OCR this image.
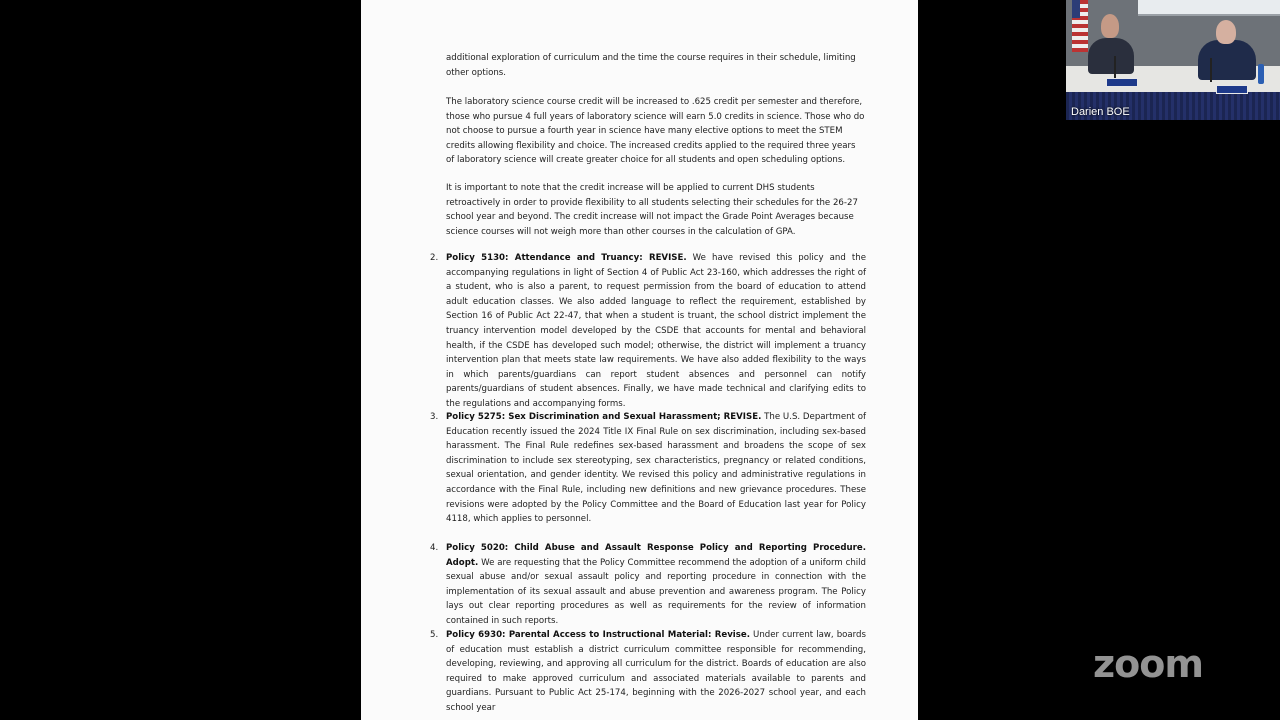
additional exploration of curriculum and the time the course requires in their schedule, limiting other options.

The laboratory science course credit will be increased to .625 credit per semester and therefore, those who pursue 4 full years of laboratory science will earn 5.0 credits in science. Those who do not choose to pursue a fourth year in science have many elective options to meet the STEM credits allowing flexibility and choice. The increased credits applied to the required three years of laboratory science will create greater choice for all students and open scheduling options.

It is important to note that the credit increase will be applied to current DHS students retroactively in order to provide flexibility to all students selecting their schedules for the 26-27 school year and beyond. The credit increase will not impact the Grade Point Averages because science courses will not weigh more than other courses in the calculation of GPA.

2. Policy 5130: Attendance and Truancy: REVISE. We have revised this policy and the accompanying regulations in light of Section 4 of Public Act 23-160, which addresses the right of a student, who is also a parent, to request permission from the board of education to attend adult education classes. We also added language to reflect the requirement, established by Section 16 of Public Act 22-47, that when a student is truant, the school district implement the truancy intervention model developed by the CSDE that accounts for mental and behavioral health, if the CSDE has developed such model; otherwise, the district will implement a truancy intervention plan that meets state law requirements. We have also added flexibility to the ways in which parents/guardians can report student absences and personnel can notify parents/guardians of student absences. Finally, we have made technical and clarifying edits to the regulations and accompanying forms.

3. Policy 5275: Sex Discrimination and Sexual Harassment; REVISE. The U.S. Department of Education recently issued the 2024 Title IX Final Rule on sex discrimination, including sex-based harassment. The Final Rule redefines sex-based harassment and broadens the scope of sex discrimination to include sex stereotyping, sex characteristics, pregnancy or related conditions, sexual orientation, and gender identity. We revised this policy and administrative regulations in accordance with the Final Rule, including new definitions and new grievance procedures. These revisions were adopted by the Policy Committee and the Board of Education last year for Policy 4118, which applies to personnel.

4. Policy 5020: Child Abuse and Assault Response Policy and Reporting Procedure. Adopt. We are requesting that the Policy Committee recommend the adoption of a uniform child sexual abuse and/or sexual assault policy and reporting procedure in connection with the implementation of its sexual assault and abuse prevention and awareness program. The Policy lays out clear reporting procedures as well as requirements for the review of information contained in such reports.

5. Policy 6930: Parental Access to Instructional Material: Revise. Under current law, boards of education must establish a district curriculum committee responsible for recommending, developing, reviewing, and approving all curriculum for the district. Boards of education are also required to make approved curriculum and associated materials available to parents and guardians. Pursuant to Public Act 25-174, beginning with the 2026-2027 school year, and each school year

Darien BOE
zoom
